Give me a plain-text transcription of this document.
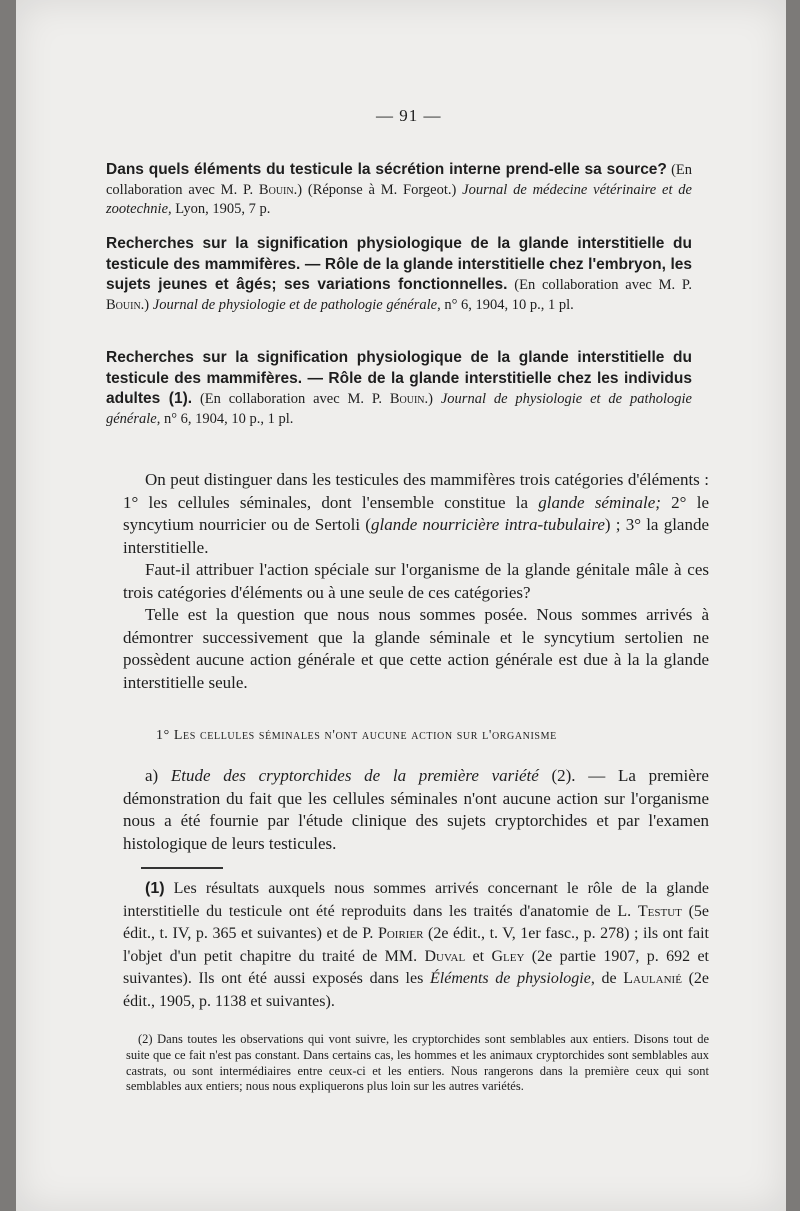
— 91 —
Dans quels éléments du testicule la sécrétion interne prend-elle sa source? (En collaboration avec M. P. Bouin.) (Réponse à M. Forgeot.) Journal de médecine vétérinaire et de zootechnie, Lyon, 1905, 7 p.
Recherches sur la signification physiologique de la glande interstitielle du testicule des mammifères. — Rôle de la glande interstitielle chez l'embryon, les sujets jeunes et âgés; ses variations fonctionnelles. (En collaboration avec M. P. Bouin.) Journal de physiologie et de pathologie générale, n° 6, 1904, 10 p., 1 pl.
Recherches sur la signification physiologique de la glande interstitielle du testicule des mammifères. — Rôle de la glande interstitielle chez les individus adultes (1). (En collaboration avec M. P. Bouin.) Journal de physiologie et de pathologie générale, n° 6, 1904, 10 p., 1 pl.

On peut distinguer dans les testicules des mammifères trois catégories d'éléments : 1° les cellules séminales, dont l'ensemble constitue la glande séminale; 2° le syncytium nourricier ou de Sertoli (glande nourricière intra-tubulaire) ; 3° la glande interstitielle.

Faut-il attribuer l'action spéciale sur l'organisme de la glande génitale mâle à ces trois catégories d'éléments ou à une seule de ces catégories?

Telle est la question que nous nous sommes posée. Nous sommes arrivés à démontrer successivement que la glande séminale et le syncytium sertolien ne possèdent aucune action générale et que cette action générale est due à la la glande interstitielle seule.

1° Les cellules séminales n'ont aucune action sur l'organisme

a) Etude des cryptorchides de la première variété (2). — La première démonstration du fait que les cellules séminales n'ont aucune action sur l'organisme nous a été fournie par l'étude clinique des sujets cryptorchides et par l'examen histologique de leurs testicules.

(1) Les résultats auxquels nous sommes arrivés concernant le rôle de la glande interstitielle du testicule ont été reproduits dans les traités d'anatomie de L. Testut (5e édit., t. IV, p. 365 et suivantes) et de P. Poirier (2e édit., t. V, 1er fasc., p. 278) ; ils ont fait l'objet d'un petit chapitre du traité de MM. Duval et Gley (2e partie 1907, p. 692 et suivantes). Ils ont été aussi exposés dans les Éléments de physiologie, de Laulanié (2e édit., 1905, p. 1138 et suivantes).
(2) Dans toutes les observations qui vont suivre, les cryptorchides sont semblables aux entiers. Disons tout de suite que ce fait n'est pas constant. Dans certains cas, les hommes et les animaux cryptorchides sont semblables aux castrats, ou sont intermédiaires entre ceux-ci et les entiers. Nous rangerons dans la première ceux qui sont semblables aux entiers; nous nous expliquerons plus loin sur les autres variétés.
